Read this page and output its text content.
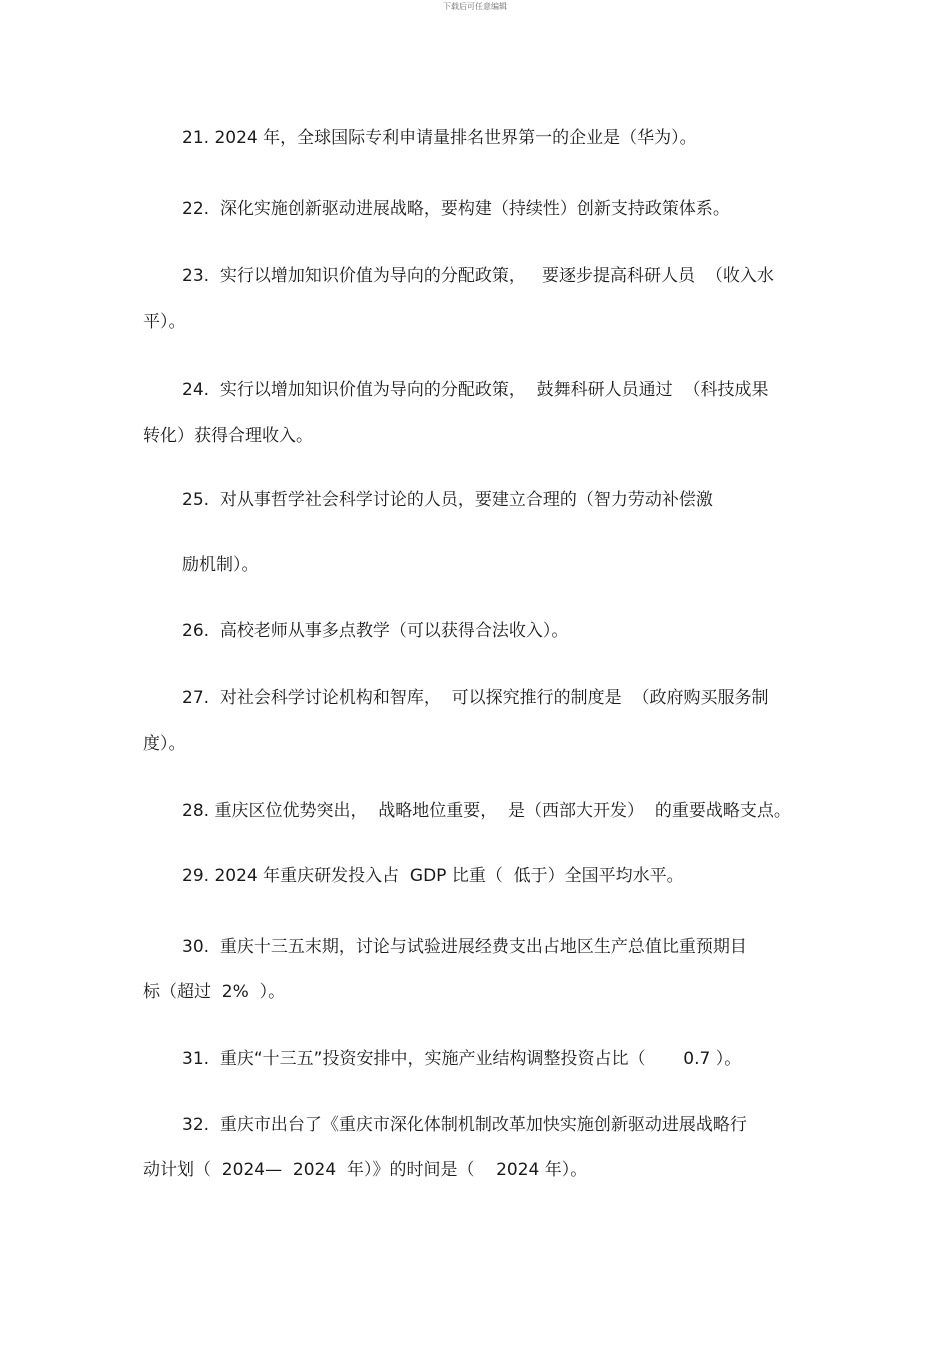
下载后可任意编辑
21. 2024 年，全球国际专利申请量排名世界第一的企业是（华为）。
22.  深化实施创新驱动进展战略，要构建（持续性）创新支持政策体系。
23.  实行以增加知识价值为导向的分配政策，   要逐步提高科研人员  （收入水
平）。
24.  实行以增加知识价值为导向的分配政策，  鼓舞科研人员通过  （科技成果
转化）获得合理收入。
25.  对从事哲学社会科学讨论的人员，要建立合理的（智力劳动补偿激
励机制）。
26.  高校老师从事多点教学（可以获得合法收入）。
27.  对社会科学讨论机构和智库，  可以探究推行的制度是  （政府购买服务制
度）。
28. 重庆区位优势突出，  战略地位重要，  是（西部大开发）  的重要战略支点。
29. 2024 年重庆研发投入占  GDP 比重（  低于）全国平均水平。
30.  重庆十三五末期，讨论与试验进展经费支出占地区生产总值比重预期目
标（超过  2%  ）。
31.  重庆“十三五”投资安排中，实施产业结构调整投资占比（       0.7 ）。
32.  重庆市出台了《重庆市深化体制机制改革加快实施创新驱动进展战略行
动计划（  2024—  2024  年）》的时间是（    2024 年）。
